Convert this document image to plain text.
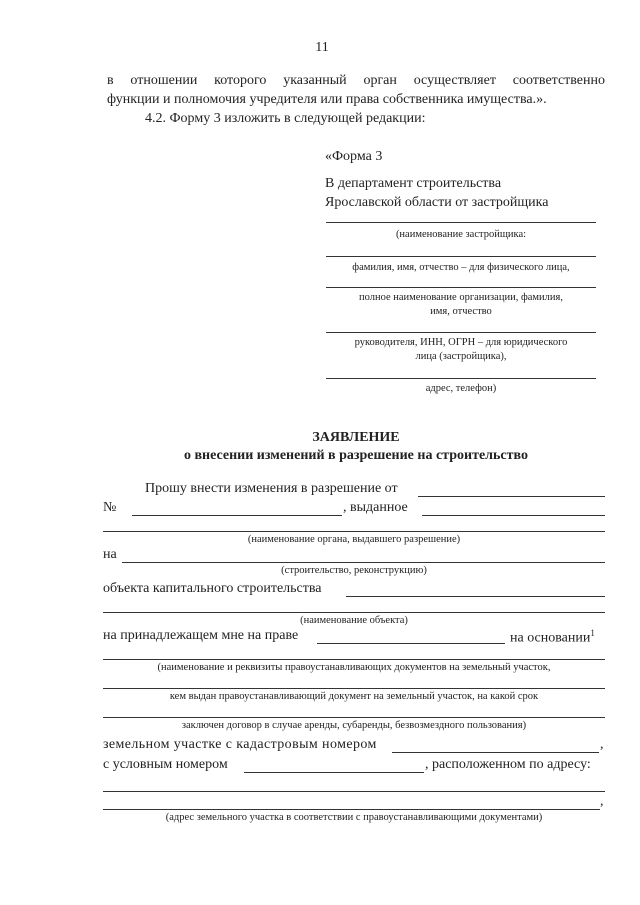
11
в отношении которого указанный орган осуществляет соответственно
функции и полномочия учредителя или права собственника имущества.».
4.2. Форму 3 изложить в следующей редакции:
«Форма 3
В департамент строительства
Ярославской области от застройщика
(наименование застройщика:
фамилия, имя, отчество – для физического лица,
полное наименование организации, фамилия,
имя, отчество
руководителя, ИНН, ОГРН – для юридического
лица (застройщика),
адрес, телефон)
ЗАЯВЛЕНИЕ
о внесении изменений в разрешение на строительство
Прошу внести изменения в разрешение от
№	, выданное
(наименование органа, выдавшего разрешение)
на
(строительство, реконструкцию)
объекта капитального строительства
(наименование объекта)
на принадлежащем мне на праве	на основании$^1$
(наименование и реквизиты правоустанавливающих документов на земельный участок,
кем выдан правоустанавливающий документ на земельный участок, на какой срок
заключен договор в случае аренды, субаренды, безвозмездного пользования)
земельном участке с кадастровым номером	,
с условным номером	, расположенном по адресу:
,
(адрес земельного участка в соответствии с правоустанавливающими документами)
